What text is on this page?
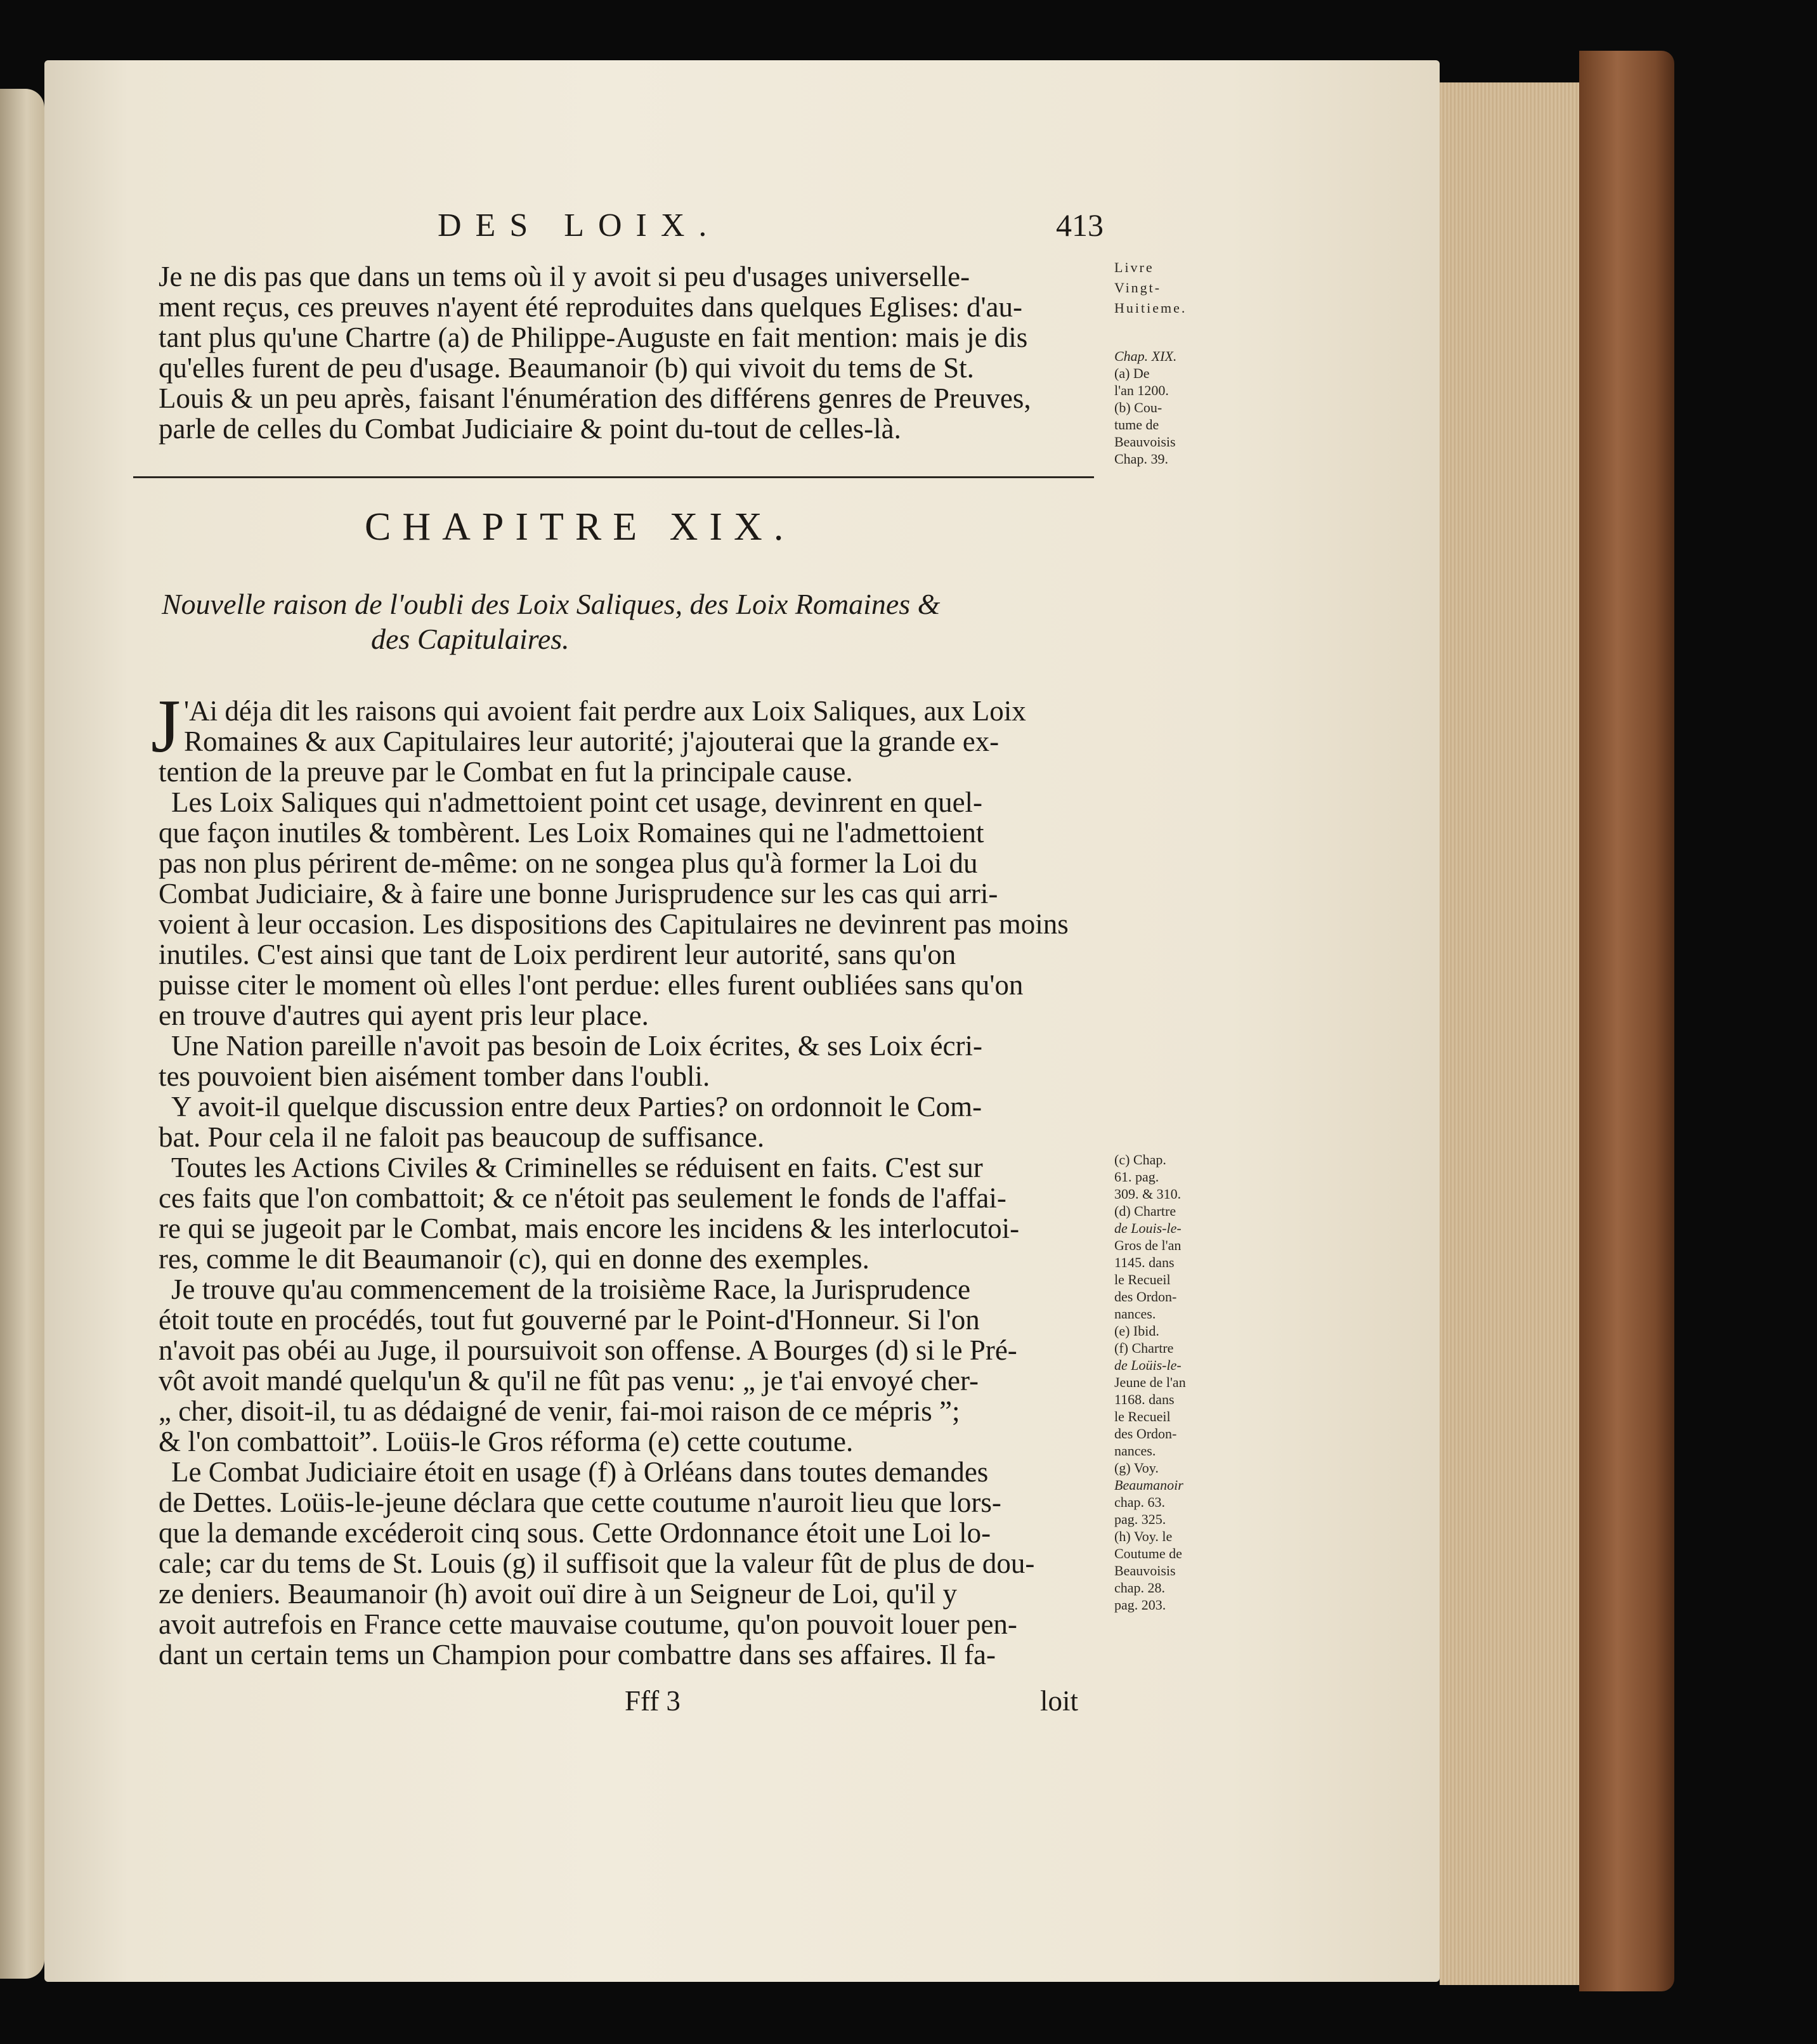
DES LOIX.	413
Livre
Vingt-
Huitieme.
Je ne dis pas que dans un tems où il y avoit si peu d'usages universelle-
ment reçus, ces preuves n'ayent été reproduites dans quelques Eglises: d'au-
tant plus qu'une Chartre (a) de Philippe-Auguste en fait mention: mais je dis
qu'elles furent de peu d'usage. Beaumanoir (b) qui vivoit du tems de St.
Louis & un peu après, faisant l'énumération des différens genres de Preuves,
parle de celles du Combat Judiciaire & point du-tout de celles-là.
Chap. XIX.
(a) De
l'an 1200.
(b) Cou-
tume de
Beauvoisis
Chap. 39.
CHAPITRE XIX.
Nouvelle raison de l'oubli des Loix Saliques, des Loix Romaines &
des Capitulaires.
J 'Ai déja dit les raisons qui avoient fait perdre aux Loix Saliques, aux Loix
Romaines & aux Capitulaires leur autorité; j'ajouterai que la grande ex-
tention de la preuve par le Combat en fut la principale cause.
Les Loix Saliques qui n'admettoient point cet usage, devinrent en quel-
que façon inutiles & tombèrent. Les Loix Romaines qui ne l'admettoient
pas non plus périrent de-même: on ne songea plus qu'à former la Loi du
Combat Judiciaire, & à faire une bonne Jurisprudence sur les cas qui arri-
voient à leur occasion. Les dispositions des Capitulaires ne devinrent pas moins
inutiles. C'est ainsi que tant de Loix perdirent leur autorité, sans qu'on
puisse citer le moment où elles l'ont perdue: elles furent oubliées sans qu'on
en trouve d'autres qui ayent pris leur place.
Une Nation pareille n'avoit pas besoin de Loix écrites, & ses Loix écri-
tes pouvoient bien aisément tomber dans l'oubli.
Y avoit-il quelque discussion entre deux Parties? on ordonnoit le Com-
bat. Pour cela il ne faloit pas beaucoup de suffisance.
Toutes les Actions Civiles & Criminelles se réduisent en faits. C'est sur
ces faits que l'on combattoit; & ce n'étoit pas seulement le fonds de l'affai-
re qui se jugeoit par le Combat, mais encore les incidens & les interlocutoi-
res, comme le dit Beaumanoir (c), qui en donne des exemples.
Je trouve qu'au commencement de la troisième Race, la Jurisprudence
étoit toute en procédés, tout fut gouverné par le Point-d'Honneur. Si l'on
n'avoit pas obéi au Juge, il poursuivoit son offense. A Bourges (d) si le Pré-
vôt avoit mandé quelqu'un & qu'il ne fût pas venu: „ je t'ai envoyé cher-
„ cher, disoit-il, tu as dédaigné de venir, fai-moi raison de ce mépris ”;
& l'on combattoit”. Loüis-le Gros réforma (e) cette coutume.
Le Combat Judiciaire étoit en usage (f) à Orléans dans toutes demandes
de Dettes. Loüis-le-jeune déclara que cette coutume n'auroit lieu que lors-
que la demande excéderoit cinq sous. Cette Ordonnance étoit une Loi lo-
cale; car du tems de St. Louis (g) il suffisoit que la valeur fût de plus de dou-
ze deniers. Beaumanoir (h) avoit ouï dire à un Seigneur de Loi, qu'il y
avoit autrefois en France cette mauvaise coutume, qu'on pouvoit louer pen-
dant un certain tems un Champion pour combattre dans ses affaires. Il fa-
(c) Chap.
61. pag.
309. & 310.
(d) Chartre
de Louis-le-
Gros de l'an
1145. dans
le Recueil
des Ordon-
nances.
(e) Ibid.
(f) Chartre
de Loüis-le-
Jeune de l'an
1168. dans
le Recueil
des Ordon-
nances.
(g) Voy.
Beaumanoir
chap. 63.
pag. 325.
(h) Voy. le
Coutume de
Beauvoisis
chap. 28.
pag. 203.
Fff 3	loit
